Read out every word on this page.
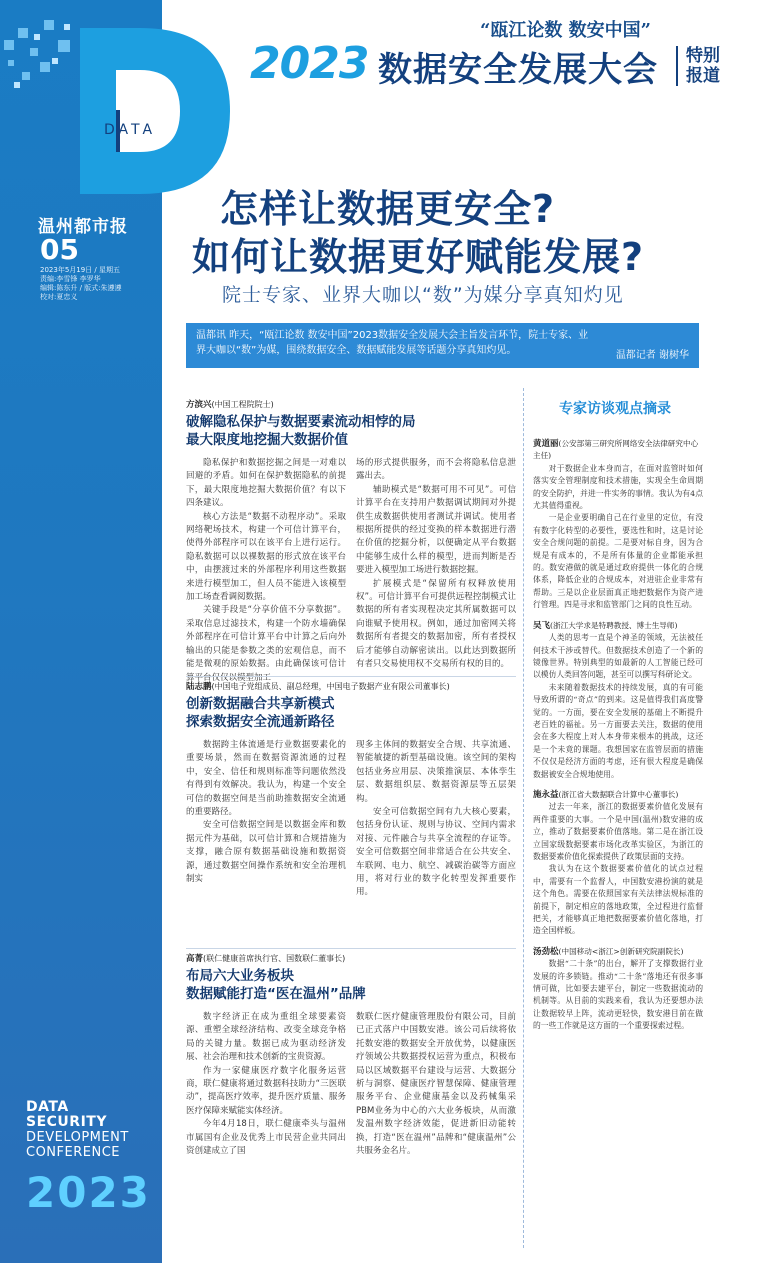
DATA
温州都市报
05
2023年5月19日 / 星期五
责编:李雪锋 李罗华
编辑:陈东升 / 版式:朱遵遵
校对:夏忠义
DATA
SECURITY
DEVELOPMENT
CONFERENCE
2023
“瓯江论数 数安中国”
2023 数据安全发展大会	特别报道
怎样让数据更安全?
如何让数据更好赋能发展?
院士专家、业界大咖以“数”为媒分享真知灼见
温都讯 昨天，“瓯江论数 数安中国”2023数据安全发展大会主旨发言环节，院士专家、业界大咖以“数”为媒，围绕数据安全、数据赋能发展等话题分享真知灼见。	温都记者 谢树华
方滨兴(中国工程院院士)
破解隐私保护与数据要素流动相悖的局
最大限度地挖掘大数据价值

隐私保护和数据挖掘之间是一对难以回避的矛盾。如何在保护数据隐私的前提下，最大限度地挖掘大数据价值？有以下四条建议。

核心方法是“数据不动程序动”。采取网络靶场技术，构建一个可信计算平台，使得外部程序可以在该平台上进行运行。隐私数据可以以裸数据的形式放在该平台中，由摆渡过来的外部程序利用这些数据来进行模型加工，但人员不能进入该模型加工场查看调阅数据。

关键手段是“分享价值不分享数据”。采取信息过滤技术，构建一个防水墙确保外部程序在可信计算平台中计算之后向外输出的只能是参数之类的宏观信息，而不能是微观的原始数据。由此确保该可信计算平台仅仅以模型加工

场的形式提供服务，而不会将隐私信息泄露出去。

辅助模式是“数据可用不可见”。可信计算平台在支持用户数据调试期间对外提供生成数据供使用者测试并调试。使用者根据所提供的经过变换的样本数据进行潜在价值的挖掘分析，以便确定从平台数据中能够生成什么样的模型，进而判断是否要进入模型加工场进行数据挖掘。

扩展模式是“保留所有权释放使用权”。可信计算平台可提供远程控制模式让数据的所有者实现程决定其所属数据可以向谁赋予使用权。例如，通过加密网关将数据所有者提交的数据加密，所有者授权后才能够自动解密读出。以此达到数据所有者只交易使用权不交易所有权的目的。

陆志鹏(中国电子党组成员、副总经理，中国电子数据产业有限公司董事长)
创新数据融合共享新模式
探索数据安全流通新路径

数据跨主体流通是行业数据要素化的重要场景，然而在数据资源流通的过程中，安全、信任和规则标准等问题依然没有得到有效解决。我认为，构建一个安全可信的数据空间是当前助推数据安全流通的重要路径。

安全可信数据空间是以数据金库和数据元件为基础，以可信计算和合规措施为支撑，融合原有数据基础设施和数据资源，通过数据空间操作系统和安全治理机制实

现多主体间的数据安全合规、共享流通、智能敏捷的新型基础设施。该空间的架构包括业务应用层、决策推演层、本体孪生层、数据组织层、数据资源层等五层架构。

安全可信数据空间有九大核心要素，包括身份认证、规则与协议、空间内需求对接、元件融合与共享全流程的存证等。安全可信数据空间非常适合在公共安全、车联网、电力、航空、减碳治碳等方面应用，将对行业的数字化转型发挥重要作用。

高菁(联仁健康首席执行官、国数联仁董事长)
布局六大业务板块
数据赋能打造“医在温州”品牌

数字经济正在成为重组全球要素资源、重塑全球经济结构、改变全球竞争格局的关键力量。数据已成为驱动经济发展、社会治理和技术创新的宝贵资源。

作为一家健康医疗数字化服务运营商，联仁健康将通过数据科技助力“三医联动”，提高医疗效率，提升医疗质量、服务医疗保障来赋能实体经济。

今年4月18日，联仁健康牵头与温州市属国有企业及优秀上市民营企业共同出资创建成立了国

数联仁医疗健康管理股份有限公司，目前已正式落户中国数安港。该公司后续将依托数安港的数据安全开放优势，以健康医疗领域公共数据授权运营为重点，积极布局以区域数据平台建设与运营、大数据分析与洞察、健康医疗智慧保障、健康管理服务平台、企业健康基金以及药械集采PBM业务为中心的六大业务板块，从而激发温州数字经济效能，促进新旧动能转换，打造“医在温州”品牌和“健康温州”公共服务金名片。

专家访谈观点摘录
黄道丽(公安部第三研究所网络安全法律研究中心主任)

对于数据企业本身而言，在面对监管时如何落实安全管理制度和技术措施，实现全生命周期的安全防护，并进一件实务的事情。我认为有4点尤其值得重视。

一是企业要明确自己在行业里的定位，有没有数字化转型的必要性，要选性和时，这是讨论安全合规问题的前提。二是要对标自身，因为合规是有成本的，不是所有体量的企业都能承担的。数安港做的就是通过政府提供一体化的合规体系，降低企业的合规成本，对进驻企业非常有帮助。三是以企业层面真正地把数据作为资产进行管理。四是寻求和监管部门之间的良性互动。

吴飞(浙江大学求是特聘教授、博士生导师)

人类的思考一直是个神圣的领域，无法被任何技术干涉或替代。但数据技术创造了一个新的镜像世界。特别典型的如最新的人工智能已经可以模仿人类回答问题，甚至可以撰写科研论文。

未来随着数据技术的持续发展，真的有可能导致所谓的“奇点”的到来。这是值得我们高度警觉的。一方面，要在安全发展的基础上不断提升老百姓的福祉。另一方面要去关注，数据的使用会在多大程度上对人本身带来根本的挑战，这还是一个未竟的课题。我想国家在监管层面的措施不仅仅是经济方面的考虑，还有很大程度是确保数据被安全合规地使用。

施永益(浙江省大数据联合计算中心董事长)

过去一年来，浙江的数据要素价值化发展有两件重要的大事。一个是中国(温州)数安港的成立，推动了数据要素价值落地。第二是在浙江设立国家级数据要素市场化改革实验区，为浙江的数据要素价值化探索提供了政策层面的支持。

我认为在这个数据要素价值化的试点过程中，需要有一个监督人，中国数安港扮演的就是这个角色。需要在依照国家有关法律法规标准的前提下，制定相应的落地政策，全过程进行监督把关，才能够真正地把数据要素价值化落地，打造全国样板。

汤劲松(中国移动<浙江>创新研究院副院长)

数据“二十条”的出台，解开了支撑数据行业发展的许多锁链。推动“二十条”落地还有很多事情可做，比如要去建平台，制定一些数据流动的机制等。从目前的实践来看，我认为还要想办法让数据较早上阵，流动更轻快，数安港目前在做的一些工作就是这方面的一个重要探索过程。
